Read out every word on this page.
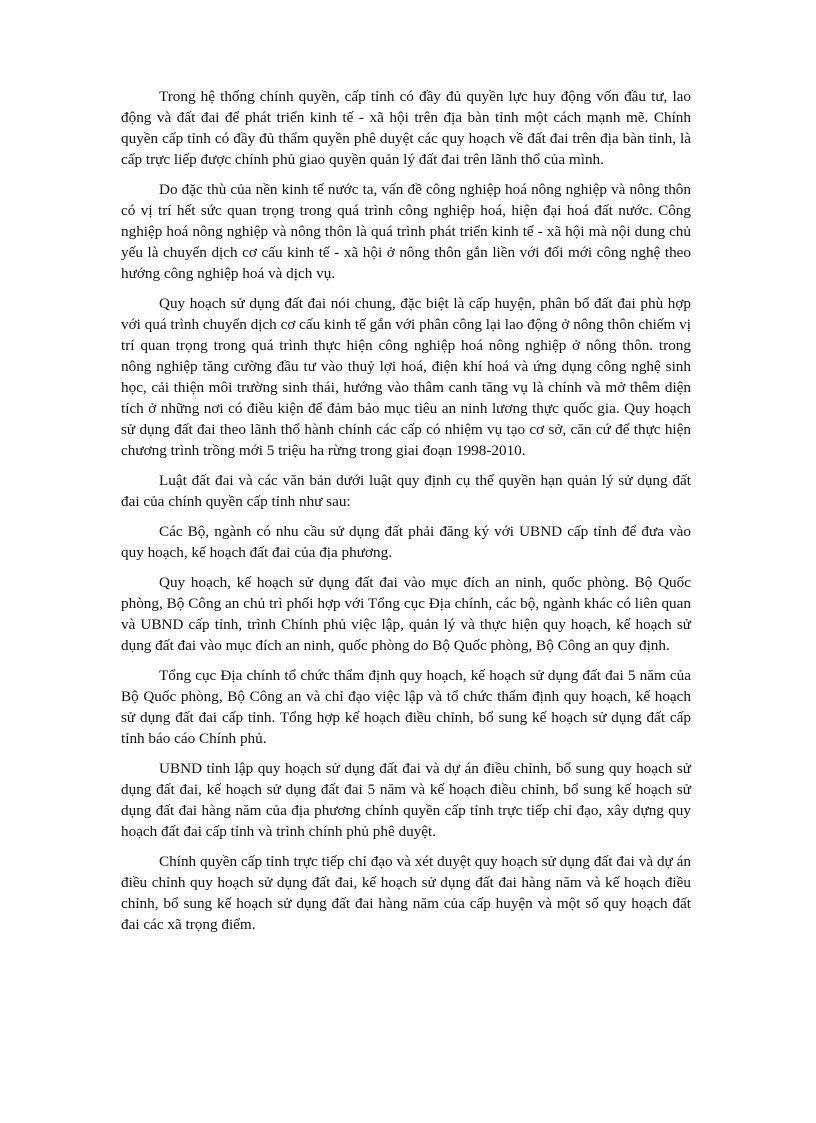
Trong hệ thống chính quyền, cấp tỉnh có đầy đủ quyền lực huy động vốn đầu tư, lao động và đất đai để phát triển kinh tế - xã hội trên địa bàn tỉnh một cách mạnh mẽ. Chính quyền cấp tỉnh có đầy đủ thẩm quyền phê duyệt các quy hoạch về đất đai trên địa bàn tỉnh, là cấp trực liếp được chính phủ giao quyền quản lý đất đai trên lãnh thổ của mình.

Do đặc thù của nền kinh tế nước ta, vấn đề công nghiệp hoá nông nghiệp và nông thôn có vị trí hết sức quan trọng trong quá trình công nghiệp hoá, hiện đại hoá đất nước. Công nghiệp hoá nông nghiệp và nông thôn là quá trình phát triển kinh tế - xã hội mà nội dung chủ yếu là chuyển dịch cơ cấu kinh tế - xã hội ở nông thôn gắn liền với đổi mới công nghệ theo hướng công nghiệp hoá và dịch vụ.

Quy hoạch sử dụng đất đai nói chung, đặc biệt là cấp huyện, phân bổ đất đai phù hợp với quá trình chuyển dịch cơ cấu kinh tế gắn với phân công lại lao động ở nông thôn chiếm vị trí quan trọng trong quá trình thực hiện công nghiệp hoá nông nghiệp ở nông thôn. trong nông nghiệp tăng cường đầu tư vào thuỷ lợi hoá, điện khí hoá và ứng dụng công nghệ sinh học, cải thiện môi trường sinh thái, hướng vào thâm canh tăng vụ là chính và mở thêm diện tích ở những nơi có điều kiện để đảm bảo mục tiêu an ninh lương thực quốc gia. Quy hoạch sử dụng đất đai theo lãnh thổ hành chính các cấp có nhiệm vụ tạo cơ sở, căn cứ để thực hiện chương trình trồng mới 5 triệu ha rừng trong giai đoạn 1998-2010.

Luật đất đai và các văn bản dưới luật quy định cụ thể quyền hạn quản lý sử dụng đất đai của chính quyền cấp tỉnh như sau:

Các Bộ, ngành có nhu cầu sử dụng đất phải đăng ký với UBND cấp tỉnh để đưa vào quy hoạch, kế hoạch đất đai của địa phương.

Quy hoạch, kế hoạch sử dụng đất đai vào mục đích an ninh, quốc phòng. Bộ Quốc phòng, Bộ Công an chủ trì phối hợp với Tổng cục Địa chính, các bộ, ngành khác có liên quan và UBND cấp tỉnh, trình Chính phủ việc lập, quản lý và thực hiện quy hoạch, kế hoạch sử dụng đất đai vào mục đích an ninh, quốc phòng do Bộ Quốc phòng, Bộ Công an quy định.

Tổng cục Địa chính tổ chức thẩm định quy hoạch, kế hoạch sử dụng đất đai 5 năm của Bộ Quốc phòng, Bộ Công an và chỉ đạo việc lập và tổ chức thẩm định quy hoạch, kế hoạch sử dụng đất đai cấp tỉnh. Tổng hợp kế hoạch điều chỉnh, bổ sung kế hoạch sử dụng đất cấp tỉnh báo cáo Chính phủ.

UBND tỉnh lập quy hoạch sử dụng đất đai và dự án điều chỉnh, bổ sung quy hoạch sử dụng đất đai, kế hoạch sử dụng đất đai 5 năm và kế hoạch điều chỉnh, bổ sung kế hoạch sử dụng đất đai hàng năm của địa phương chính quyền cấp tỉnh trực tiếp chỉ đạo, xây dựng quy hoạch đất đai cấp tỉnh và trình chính phủ phê duyệt.

Chính quyền cấp tỉnh trực tiếp chỉ đạo và xét duyệt quy hoạch sử dụng đất đai và dự án điều chỉnh quy hoạch sử dụng đất đai, kế hoạch sử dụng đất đai hàng năm và kế hoạch điều chỉnh, bổ sung kế hoạch sử dụng đất đai hàng năm của cấp huyện và một số quy hoạch đất đai các xã trọng điểm.
